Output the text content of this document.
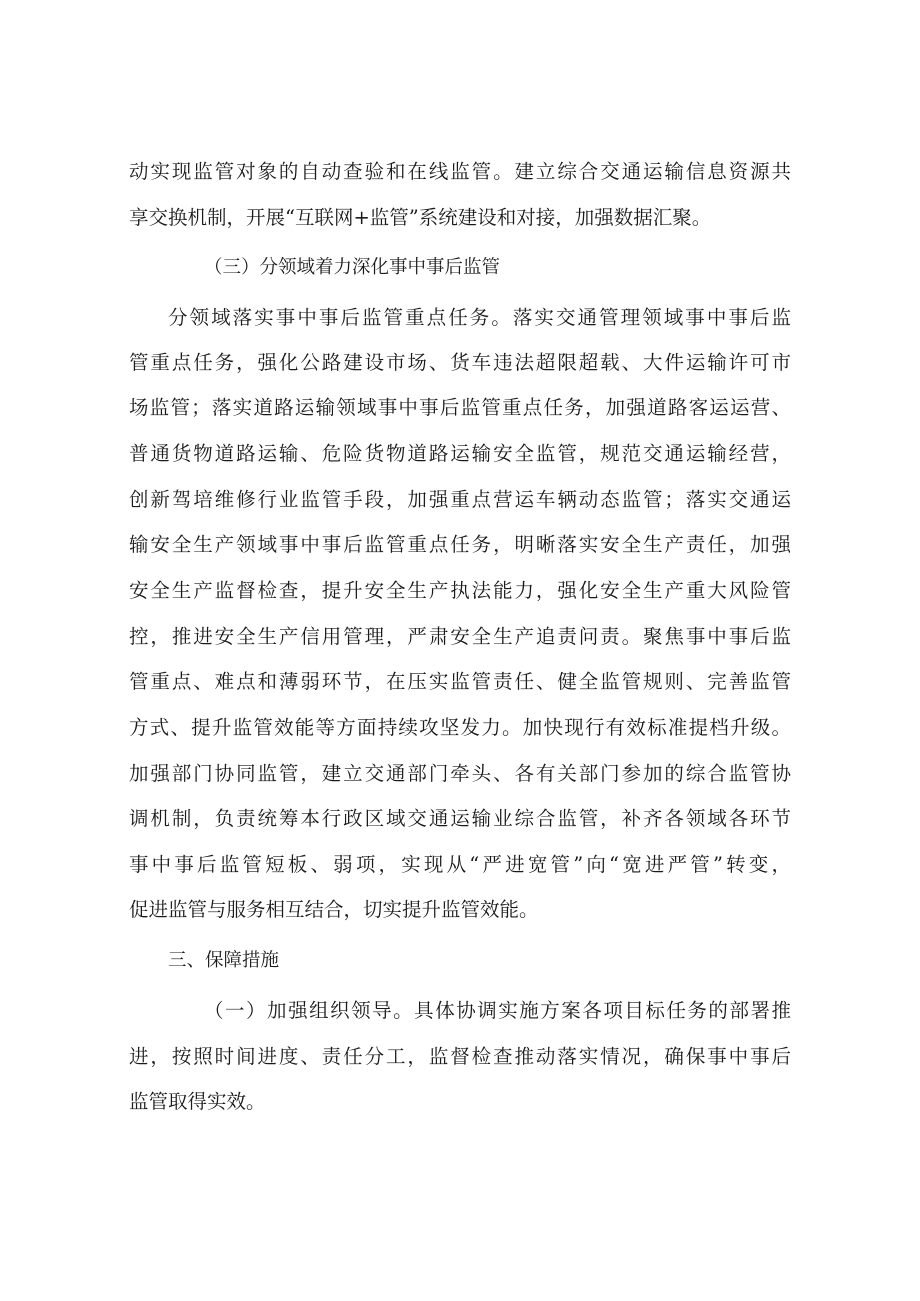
动实现监管对象的自动查验和在线监管。建立综合交通运输信息资源共
享交换机制，开展“互联网+监管”系统建设和对接，加强数据汇聚。
（三）分领域着力深化事中事后监管
分领域落实事中事后监管重点任务。落实交通管理领域事中事后监
管重点任务，强化公路建设市场、货车违法超限超载、大件运输许可市
场监管；落实道路运输领域事中事后监管重点任务，加强道路客运运营、
普通货物道路运输、危险货物道路运输安全监管，规范交通运输经营，
创新驾培维修行业监管手段，加强重点营运车辆动态监管；落实交通运
输安全生产领域事中事后监管重点任务，明晰落实安全生产责任，加强
安全生产监督检查，提升安全生产执法能力，强化安全生产重大风险管
控，推进安全生产信用管理，严肃安全生产追责问责。聚焦事中事后监
管重点、难点和薄弱环节，在压实监管责任、健全监管规则、完善监管
方式、提升监管效能等方面持续攻坚发力。加快现行有效标准提档升级。
加强部门协同监管，建立交通部门牵头、各有关部门参加的综合监管协
调机制，负责统筹本行政区域交通运输业综合监管，补齐各领域各环节
事中事后监管短板、弱项，实现从“严进宽管”向“宽进严管”转变，
促进监管与服务相互结合，切实提升监管效能。
三、保障措施
（一）加强组织领导。具体协调实施方案各项目标任务的部署推
进，按照时间进度、责任分工，监督检查推动落实情况，确保事中事后
监管取得实效。
